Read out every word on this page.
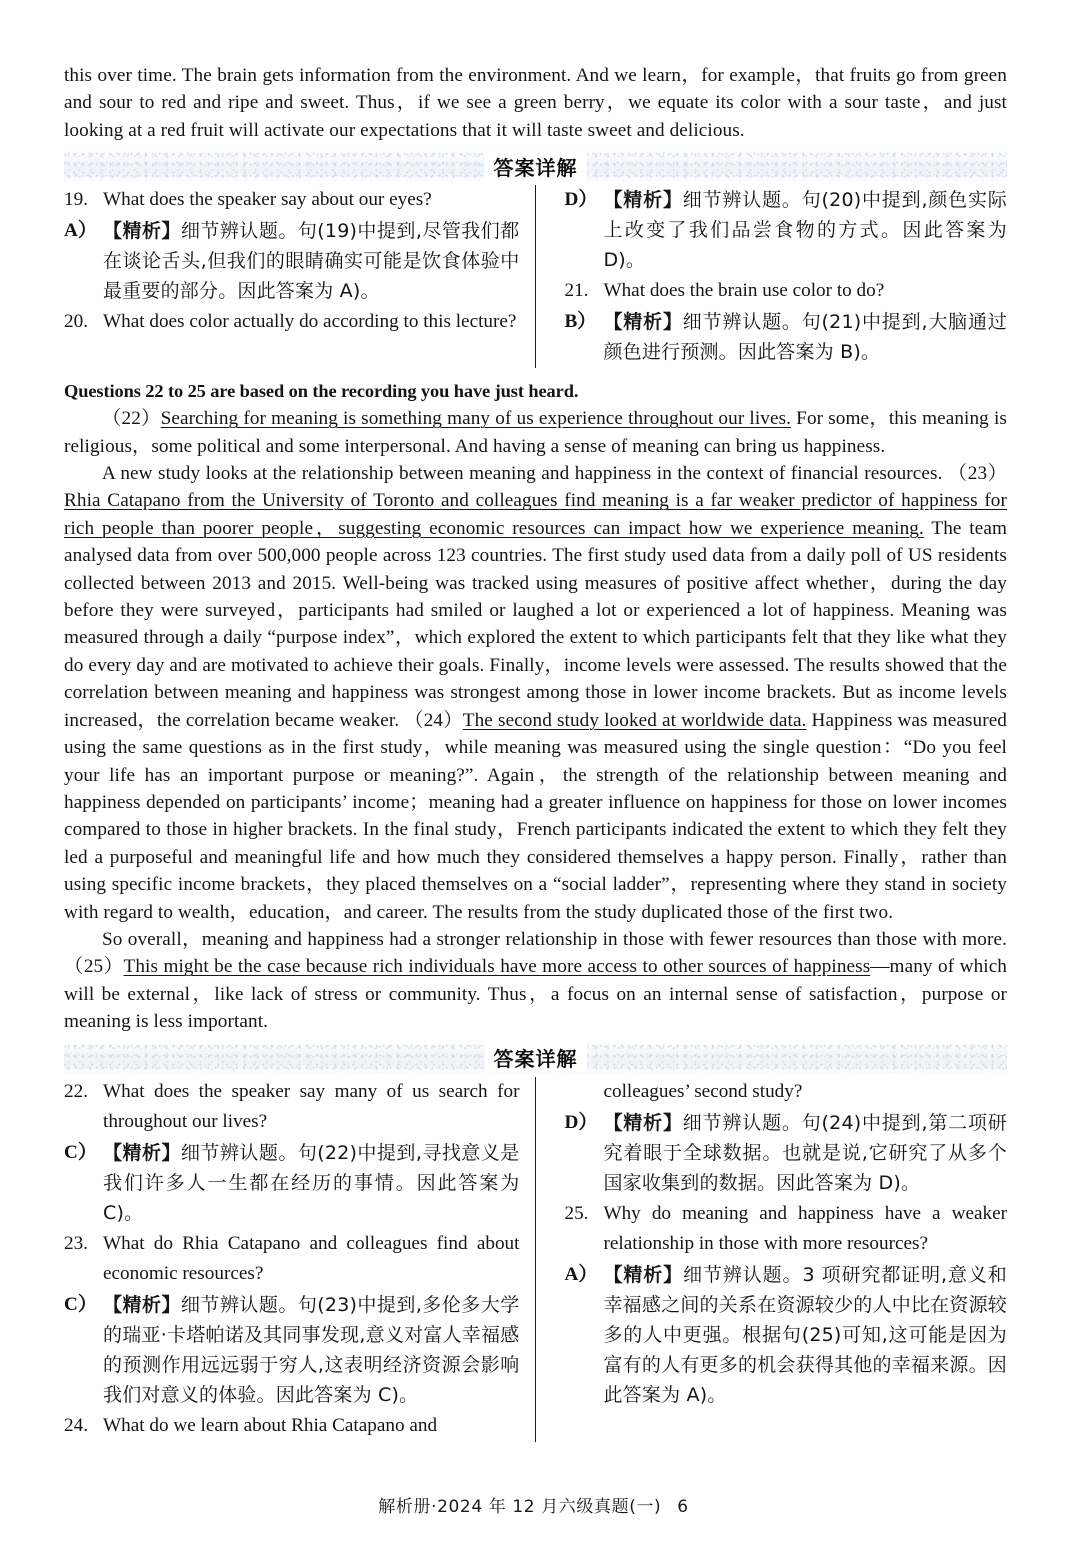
this over time. The brain gets information from the environment. And we learn，for example，that fruits go from green and sour to red and ripe and sweet. Thus，if we see a green berry，we equate its color with a sour taste，and just looking at a red fruit will activate our expectations that it will taste sweet and delicious.

答案详解
19. What does the speaker say about our eyes?
A） 【精析】细节辨认题。句(19)中提到,尽管我们都在谈论舌头,但我们的眼睛确实可能是饮食体验中最重要的部分。因此答案为 A)。
20. What does color actually do according to this lecture?
D） 【精析】细节辨认题。句(20)中提到,颜色实际上改变了我们品尝食物的方式。因此答案为 D)。
21. What does the brain use color to do?
B） 【精析】细节辨认题。句(21)中提到,大脑通过颜色进行预测。因此答案为 B)。

Questions 22 to 25 are based on the recording you have just heard.

（22）Searching for meaning is something many of us experience throughout our lives. For some，this meaning is religious，some political and some interpersonal. And having a sense of meaning can bring us happiness.

A new study looks at the relationship between meaning and happiness in the context of financial resources. （23）Rhia Catapano from the University of Toronto and colleagues find meaning is a far weaker predictor of happiness for rich people than poorer people，suggesting economic resources can impact how we experience meaning. The team analysed data from over 500,000 people across 123 countries. The first study used data from a daily poll of US residents collected between 2013 and 2015. Well-being was tracked using measures of positive affect whether，during the day before they were surveyed，participants had smiled or laughed a lot or experienced a lot of happiness. Meaning was measured through a daily “purpose index”，which explored the extent to which participants felt that they like what they do every day and are motivated to achieve their goals. Finally，income levels were assessed. The results showed that the correlation between meaning and happiness was strongest among those in lower income brackets. But as income levels increased，the correlation became weaker. （24）The second study looked at worldwide data. Happiness was measured using the same questions as in the first study，while meaning was measured using the single question：“Do you feel your life has an important purpose or meaning?”. Again，the strength of the relationship between meaning and happiness depended on participants’ income；meaning had a greater influence on happiness for those on lower incomes compared to those in higher brackets. In the final study，French participants indicated the extent to which they felt they led a purposeful and meaningful life and how much they considered themselves a happy person. Finally，rather than using specific income brackets，they placed themselves on a “social ladder”，representing where they stand in society with regard to wealth，education，and career. The results from the study duplicated those of the first two.

So overall，meaning and happiness had a stronger relationship in those with fewer resources than those with more. （25）This might be the case because rich individuals have more access to other sources of happiness—many of which will be external，like lack of stress or community. Thus，a focus on an internal sense of satisfaction，purpose or meaning is less important.

答案详解
22. What does the speaker say many of us search for throughout our lives?
C） 【精析】细节辨认题。句(22)中提到,寻找意义是我们许多人一生都在经历的事情。因此答案为 C)。
23. What do Rhia Catapano and colleagues find about economic resources?
C） 【精析】细节辨认题。句(23)中提到,多伦多大学的瑞亚·卡塔帕诺及其同事发现,意义对富人幸福感的预测作用远远弱于穷人,这表明经济资源会影响我们对意义的体验。因此答案为 C)。
24. What do we learn about Rhia Catapano and
colleagues’ second study?
D） 【精析】细节辨认题。句(24)中提到,第二项研究着眼于全球数据。也就是说,它研究了从多个国家收集到的数据。因此答案为 D)。
25. Why do meaning and happiness have a weaker relationship in those with more resources?
A） 【精析】细节辨认题。3 项研究都证明,意义和幸福感之间的关系在资源较少的人中比在资源较多的人中更强。根据句(25)可知,这可能是因为富有的人有更多的机会获得其他的幸福来源。因此答案为 A)。
解析册·2024 年 12 月六级真题(一) 6
